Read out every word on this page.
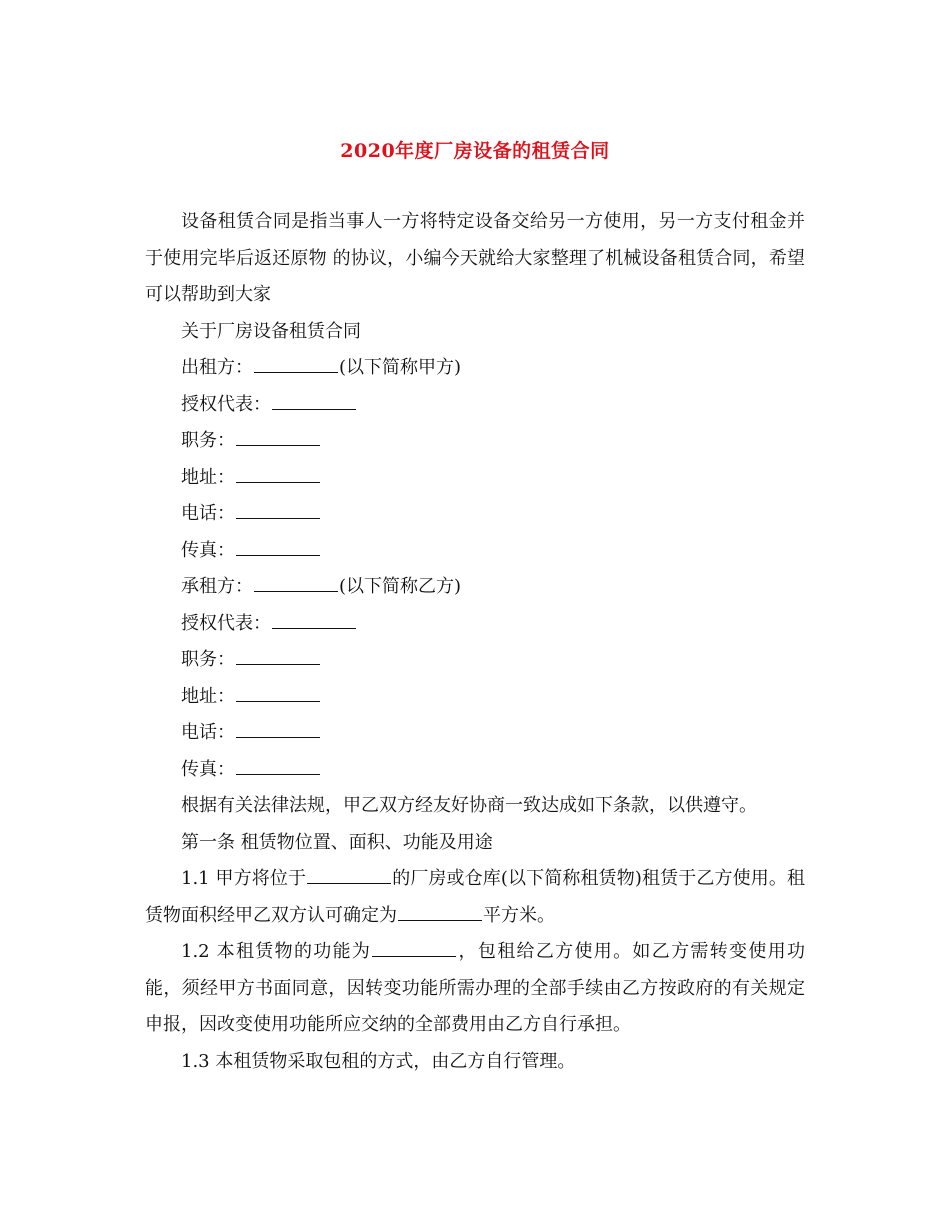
2020年度厂房设备的租赁合同

设备租赁合同是指当事人一方将特定设备交给另一方使用，另一方支付租金并于使用完毕后返还原物 的协议，小编今天就给大家整理了机械设备租赁合同，希望可以帮助到大家

关于厂房设备租赁合同

出租方：	(以下简称甲方)

授权代表：

职务：

地址：

电话：

传真：

承租方：	(以下简称乙方)

授权代表：

职务：

地址：

电话：

传真：

根据有关法律法规，甲乙双方经友好协商一致达成如下条款，以供遵守。

第一条 租赁物位置、面积、功能及用途

1.1 甲方将位于	的厂房或仓库(以下简称租赁物)租赁于乙方使用。租赁物面积经甲乙双方认可确定为	平方米。

1.2 本租赁物的功能为	，包租给乙方使用。如乙方需转变使用功能，须经甲方书面同意，因转变功能所需办理的全部手续由乙方按政府的有关规定申报，因改变使用功能所应交纳的全部费用由乙方自行承担。

1.3 本租赁物采取包租的方式，由乙方自行管理。
